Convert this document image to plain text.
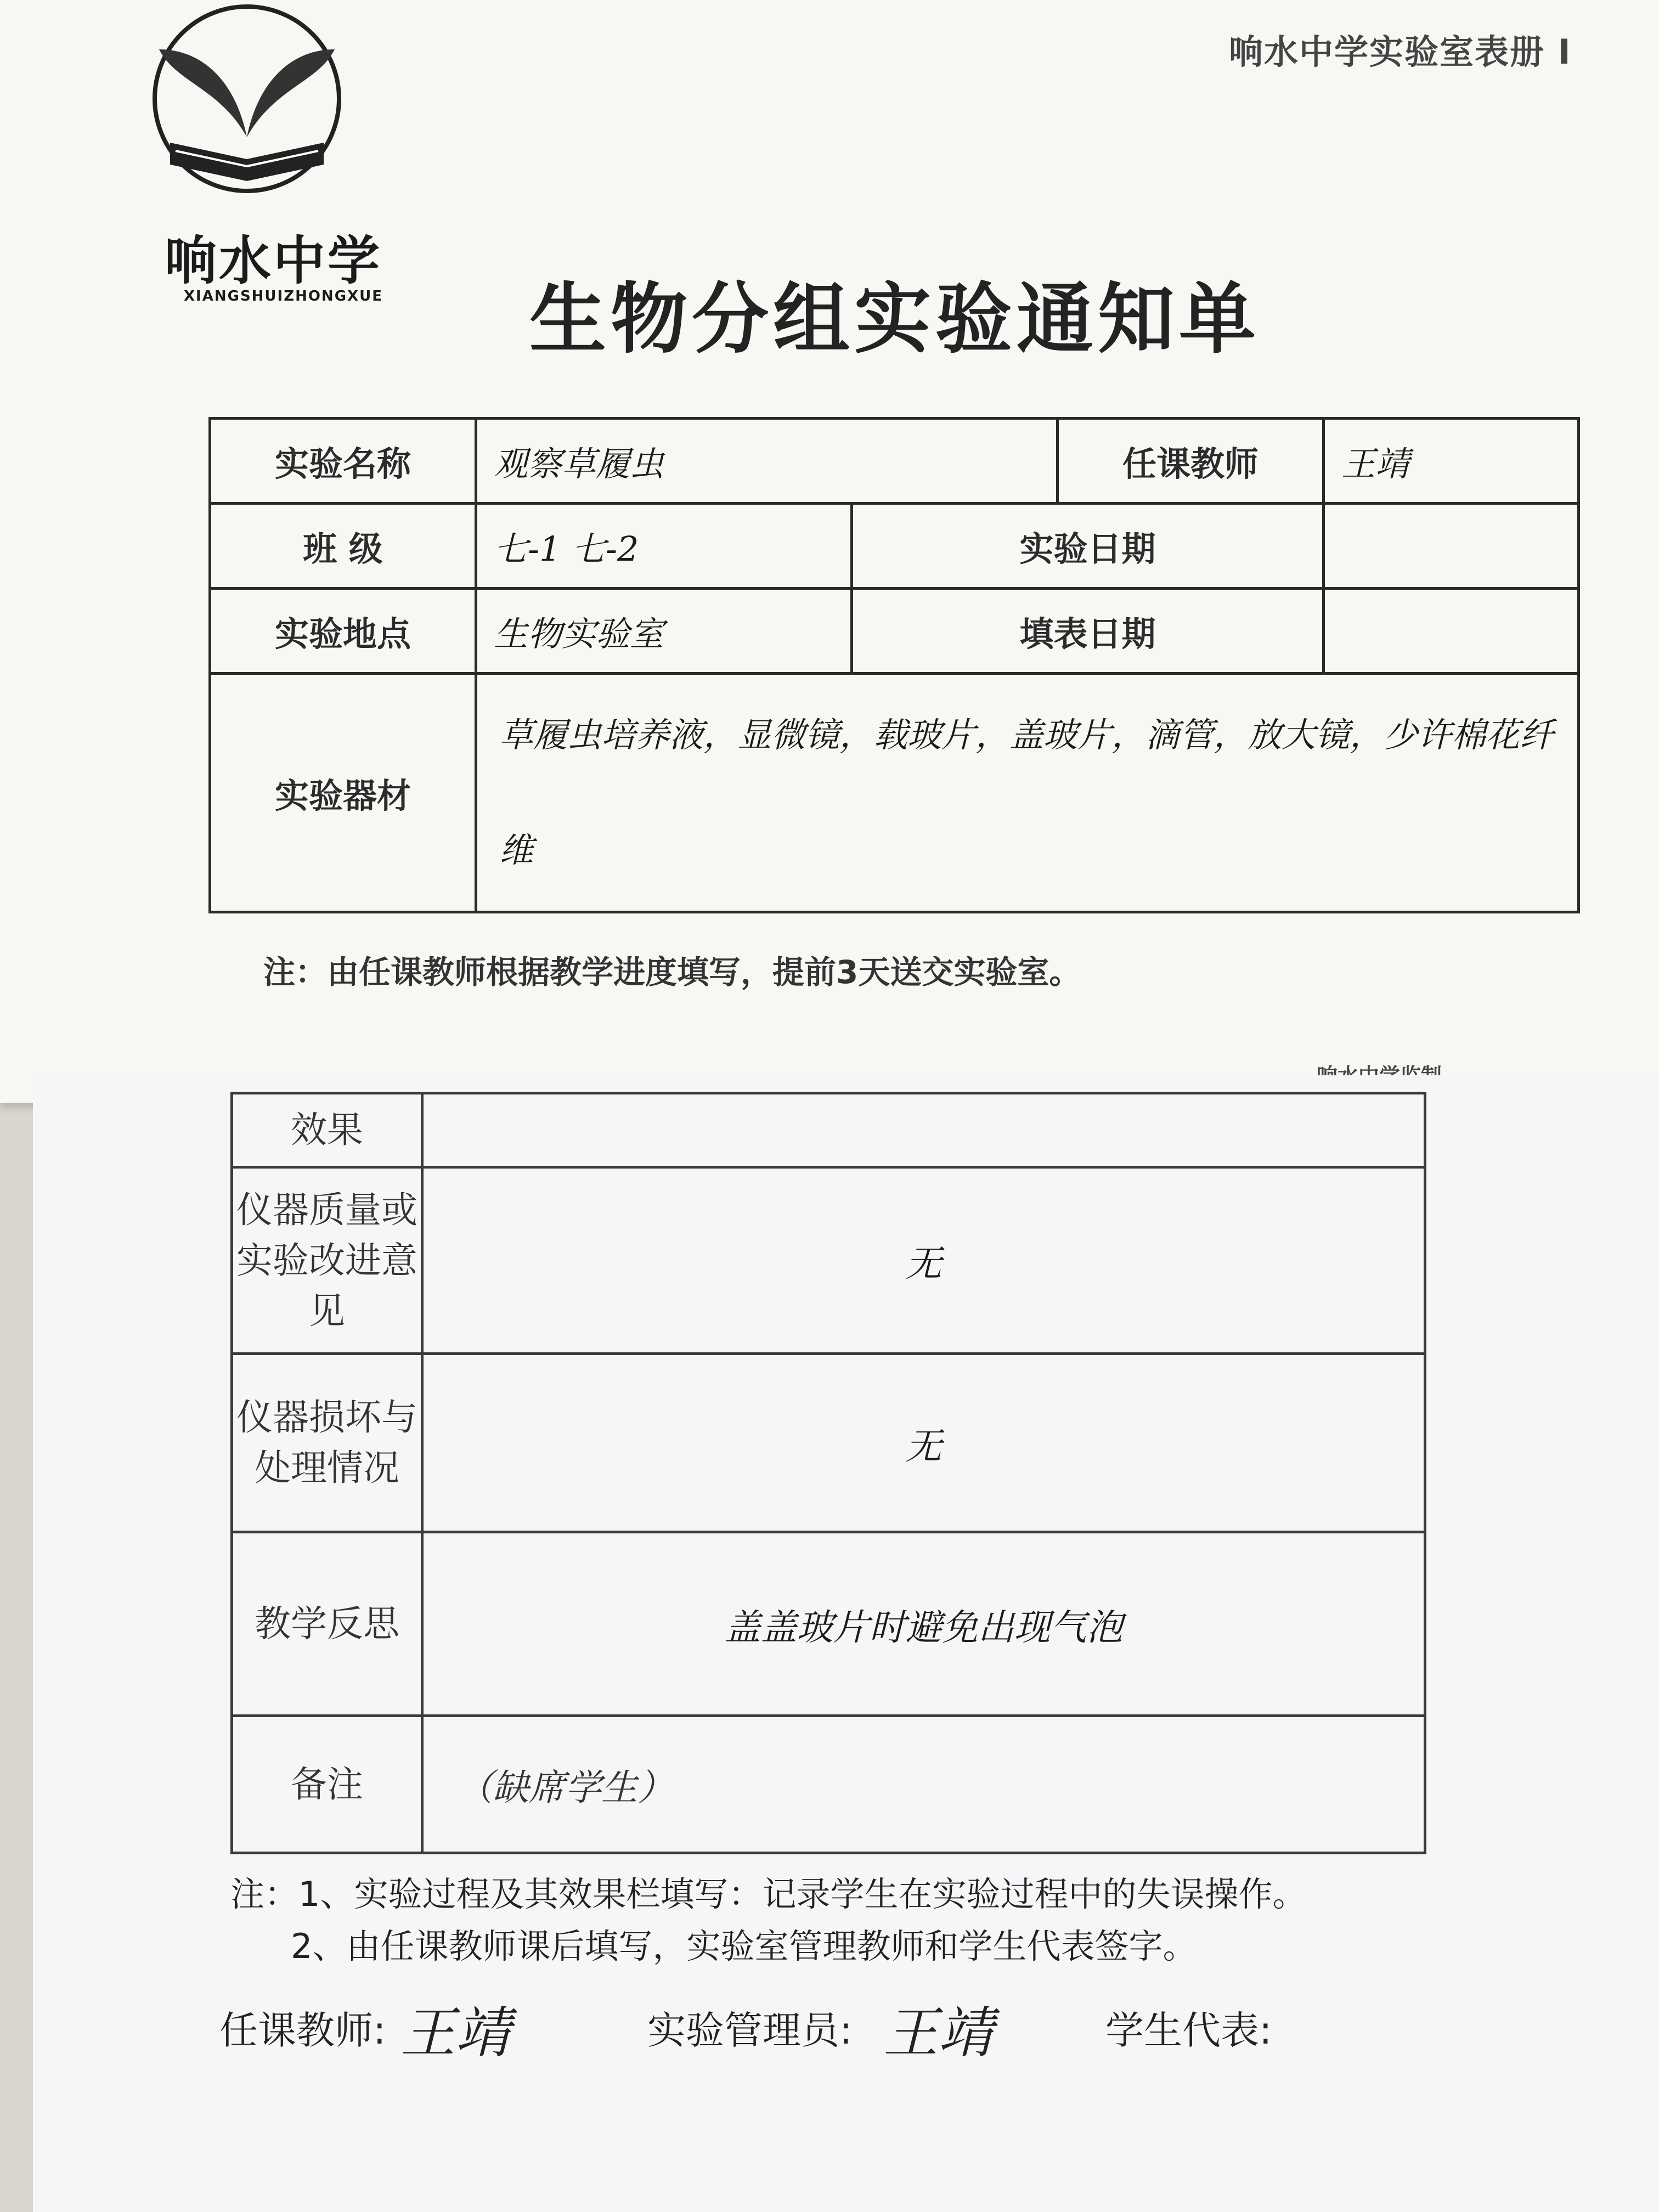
响水中学
XIANGSHUIZHONGXUE
响水中学实验室表册 I
生物分组实验通知单
实验名称	观察草履虫		任课教师	王靖
班 级	七-1 七-2	实验日期		
实验地点	生物实验室	填表日期		
实验器材	草履虫培养液，显微镜，载玻片，盖玻片，滴管，放大镜，少许棉花纤维			
注：由任课教师根据教学进度填写，提前3天送交实验室。
效果	
仪器质量或实验改进意见	无
仪器损坏与处理情况	无
教学反思	盖盖玻片时避免出现气泡
备注	（缺席学生）
注：1、实验过程及其效果栏填写：记录学生在实验过程中的失误操作。
2、由任课教师课后填写，实验室管理教师和学生代表签字。
任课教师: 王靖	实验管理员: 王靖	学生代表:
